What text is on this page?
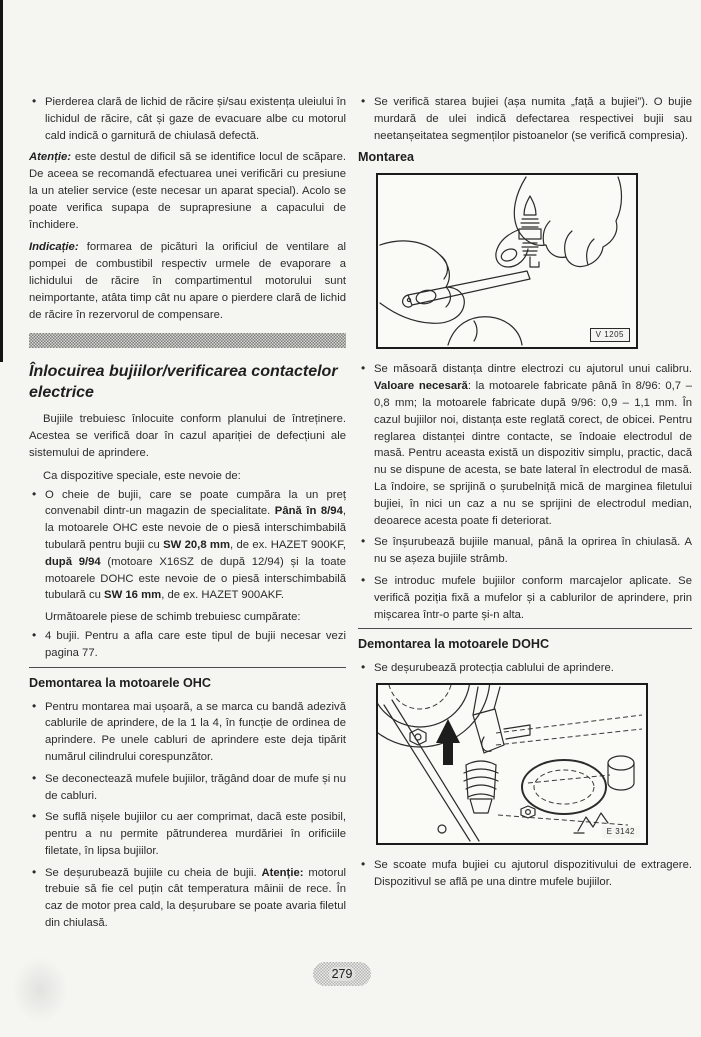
• Pierderea clară de lichid de răcire și/sau existența uleiului în lichidul de răcire, cât și gaze de evacuare albe cu motorul cald indică o garnitură de chiulasă defectă.

Atenție: este destul de dificil să se identifice locul de scăpare. De aceea se recomandă efectuarea unei verificări cu presiune la un atelier service (este necesar un aparat special). Acolo se poate verifica supapa de suprapresiune a capacului de închidere.

Indicație: formarea de picături la orificiul de ventilare al pompei de combustibil respectiv urmele de evaporare a lichidului de răcire în compartimentul motorului sunt neimportante, atâta timp cât nu apare o pierdere clară de lichid de răcire în rezervorul de compensare.

Înlocuirea bujiilor/verificarea contactelor electrice

Bujiile trebuiesc înlocuite conform planului de întreținere. Acestea se verifică doar în cazul apariției de defecțiuni ale sistemului de aprindere.

Ca dispozitive speciale, este nevoie de:

• O cheie de bujii, care se poate cumpăra la un preț convenabil dintr-un magazin de specialitate. Până în 8/94, la motoarele OHC este nevoie de o piesă interschimbabilă tubulară pentru bujii cu SW 20,8 mm, de ex. HAZET 900KF, după 9/94 (motoare X16SZ de după 12/94) și la toate motoarele DOHC este nevoie de o piesă interschimbabilă tubulară cu SW 16 mm, de ex. HAZET 900AKF.

Următoarele piese de schimb trebuiesc cumpărate:

• 4 bujii. Pentru a afla care este tipul de bujii necesar vezi pagina 77.

Demontarea la motoarele OHC

• Pentru montarea mai ușoară, a se marca cu bandă adezivă cablurile de aprindere, de la 1 la 4, în funcție de ordinea de aprindere. Pe unele cabluri de aprindere este deja tipărit numărul cilindrului corespunzător.

• Se deconectează mufele bujiilor, trăgând doar de mufe și nu de cabluri.

• Se suflă nișele bujiilor cu aer comprimat, dacă este posibil, pentru a nu permite pătrunderea murdăriei în orificiile filetate, în lipsa bujiilor.

• Se deșurubează bujiile cu cheia de bujii. Atenție: motorul trebuie să fie cel puțin cât temperatura mâinii de rece. În caz de motor prea cald, la deșurubare se poate avaria filetul din chiulasă.

• Se verifică starea bujiei (așa numita „față a bujiei”). O bujie murdară de ulei indică defectarea respectivei bujii sau neetanșeitatea segmenților pistoanelor (se verifică compresia).

Montarea
V 1205

• Se măsoară distanța dintre electrozi cu ajutorul unui calibru. Valoare necesară: la motoarele fabricate până în 8/96: 0,7 – 0,8 mm; la motoarele fabricate după 9/96: 0,9 – 1,1 mm. În cazul bujiilor noi, distanța este reglată corect, de obicei. Pentru reglarea distanței dintre contacte, se îndoaie electrodul de masă. Pentru aceasta există un dispozitiv simplu, practic, dacă nu se dispune de acesta, se bate lateral în electrodul de masă. La îndoire, se sprijină o șurubelniță mică de marginea filetului bujiei, în nici un caz a nu se sprijini de electrodul median, deoarece acesta poate fi deteriorat.

• Se înșurubează bujiile manual, până la oprirea în chiulasă. A nu se așeza bujiile strâmb.

• Se introduc mufele bujiilor conform marcajelor aplicate. Se verifică poziția fixă a mufelor și a cablurilor de aprindere, prin mișcarea într-o parte și-n alta.

Demontarea la motoarele DOHC

• Se deșurubează protecția cablului de aprindere.

E 3142

• Se scoate mufa bujiei cu ajutorul dispozitivului de extragere. Dispozitivul se află pe una dintre mufele bujiilor.

279
